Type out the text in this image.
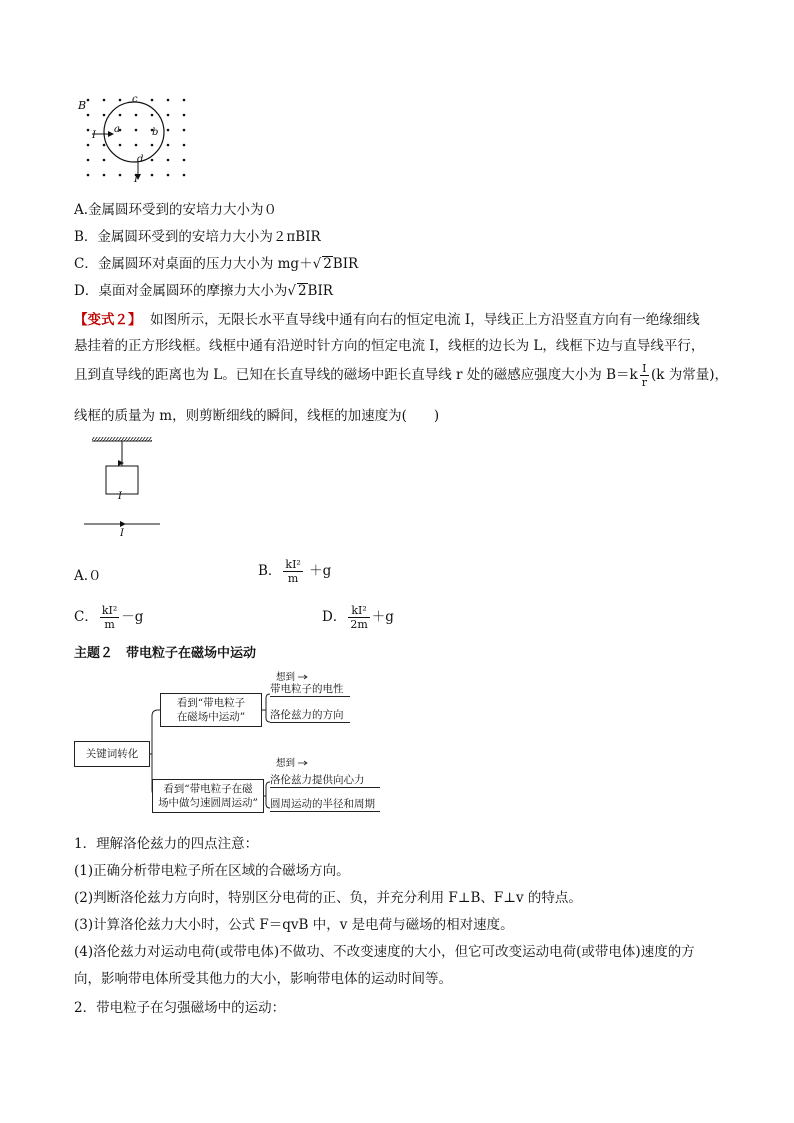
B	c
a	b
d
I
I
A.金属圆环受到的安培力大小为０
B．金属圆环受到的安培力大小为２πBIR
C．金属圆环对桌面的压力大小为 mg＋√ 2BIR
D．桌面对金属圆环的摩擦力大小为√ 2BIR
【变式２】 如图所示，无限长水平直导线中通有向右的恒定电流 I，导线正上方沿竖直方向有一绝缘细线
悬挂着的正方形线框。线框中通有沿逆时针方向的恒定电流 I，线框的边长为 L，线框下边与直导线平行，
且到直导线的距离也为 L。已知在长直导线的磁场中距长直导线 r 处的磁感应强度大小为 $B=k \frac{I}{r} (k$ 为常量)，
线框的质量为 m，则剪断细线的瞬间，线框的加速度为(　　)
I
I
A.０	B． $\frac{\text{kI²}}{m} +g$
C． $\frac{\text{kI²}}{m} -g$	D． $\frac{\text{kI²}}{2m} +g$
主题２　带电粒子在磁场中运动
关键词转化
看到“带电粒子
在磁场中运动”
看到“带电粒子在磁
场中做匀速圆周运动”
想到
带电粒子的电性
洛伦兹力的方向
想到
洛伦兹力提供向心力
圆周运动的半径和周期
1．理解洛伦兹力的四点注意：
(1)正确分析带电粒子所在区域的合磁场方向。
(2)判断洛伦兹力方向时，特别区分电荷的正、负，并充分利用 F⊥B、F⊥v 的特点。
(3)计算洛伦兹力大小时，公式 F＝qvB 中，v 是电荷与磁场的相对速度。
(4)洛伦兹力对运动电荷(或带电体)不做功、不改变速度的大小，但它可改变运动电荷(或带电体)速度的方
向，影响带电体所受其他力的大小，影响带电体的运动时间等。
2．带电粒子在匀强磁场中的运动：
